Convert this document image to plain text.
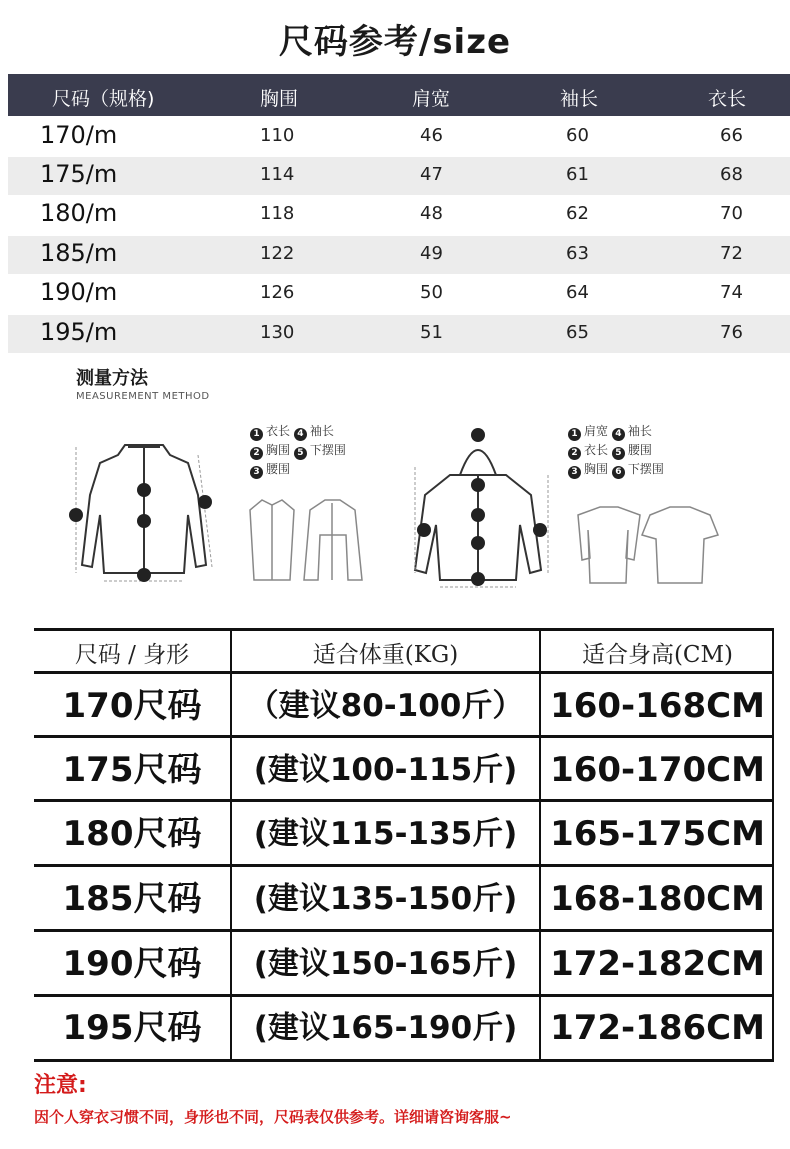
尺码参考/size
尺码（规格)	胸围	肩宽	袖长	衣长
170/m	110	46	60	66
175/m	114	47	61	68
180/m	118	48	62	70
185/m	122	49	63	72
190/m	126	50	64	74
195/m	130	51	65	76
测量方法
MEASUREMENT METHOD
1 衣长 4 袖长
2 胸围 5 下摆围
3 腰围
1 肩宽 4 袖长
2 衣长 5 腰围
3 胸围 6 下摆围
尺码 / 身形	适合体重(KG)	适合身高(CM)
170尺码	（建议80-100斤） 160-168CM
175尺码	(建议100-115斤) 160-170CM
180尺码	(建议115-135斤) 165-175CM
185尺码	(建议135-150斤) 168-180CM
190尺码	(建议150-165斤) 172-182CM
195尺码	(建议165-190斤) 172-186CM
注意:
因个人穿衣习惯不同，身形也不同，尺码表仅供参考。详细请咨询客服~
